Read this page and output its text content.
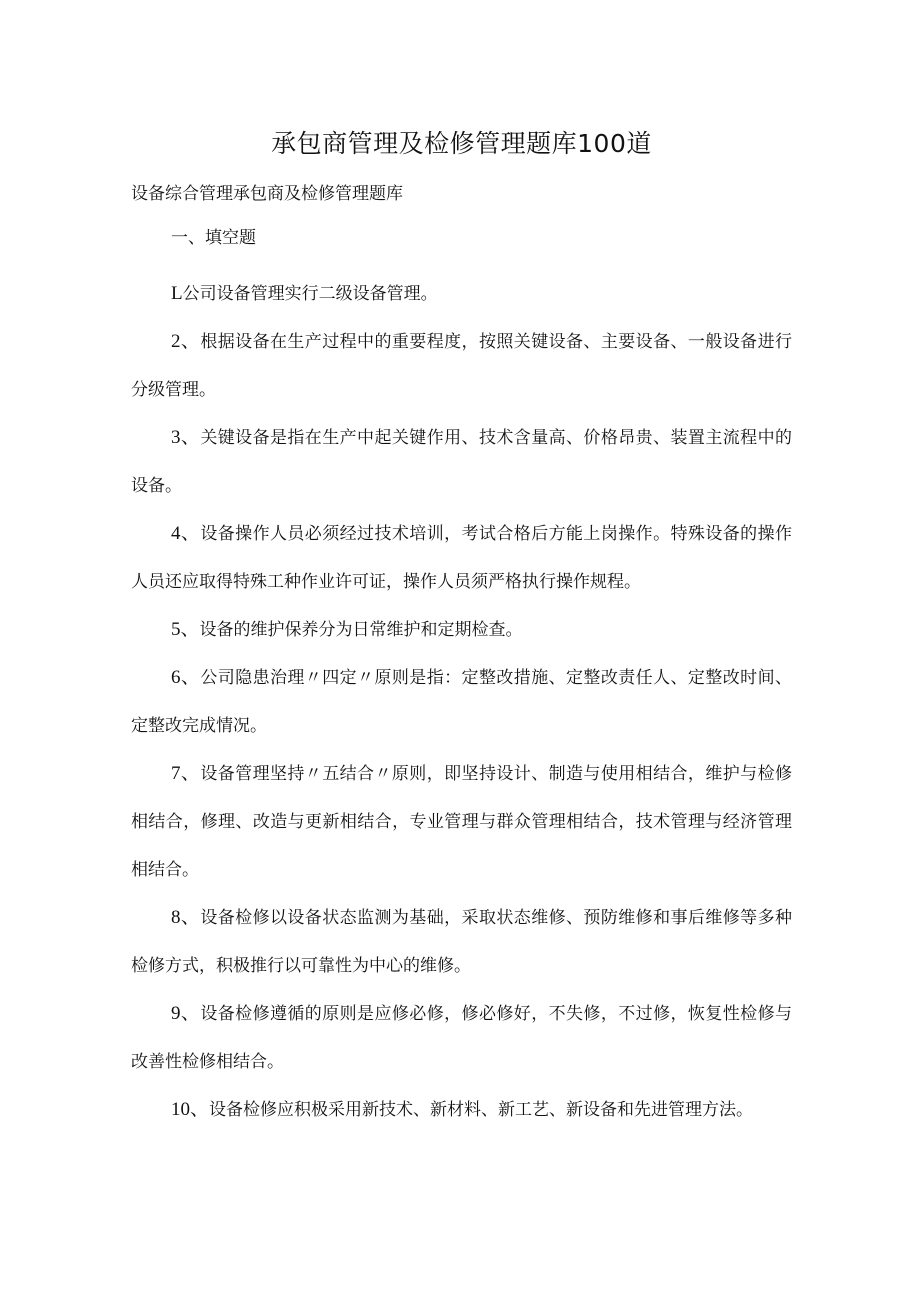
承包商管理及检修管理题库100道

设备综合管理承包商及检修管理题库

一、填空题

L公司设备管理实行二级设备管理。

2、根据设备在生产过程中的重要程度，按照关键设备、主要设备、一般设备进行分级管理。

3、关键设备是指在生产中起关键作用、技术含量高、价格昂贵、装置主流程中的设备。

4、设备操作人员必须经过技术培训，考试合格后方能上岗操作。特殊设备的操作人员还应取得特殊工种作业许可证，操作人员须严格执行操作规程。

5、设备的维护保养分为日常维护和定期检查。

6、公司隐患治理〃四定〃原则是指：定整改措施、定整改责任人、定整改时间、定整改完成情况。

7、设备管理坚持〃五结合〃原则，即坚持设计、制造与使用相结合，维护与检修相结合，修理、改造与更新相结合，专业管理与群众管理相结合，技术管理与经济管理相结合。

8、设备检修以设备状态监测为基础，采取状态维修、预防维修和事后维修等多种检修方式，积极推行以可靠性为中心的维修。

9、设备检修遵循的原则是应修必修，修必修好，不失修，不过修，恢复性检修与改善性检修相结合。

10、设备检修应积极采用新技术、新材料、新工艺、新设备和先进管理方法。
